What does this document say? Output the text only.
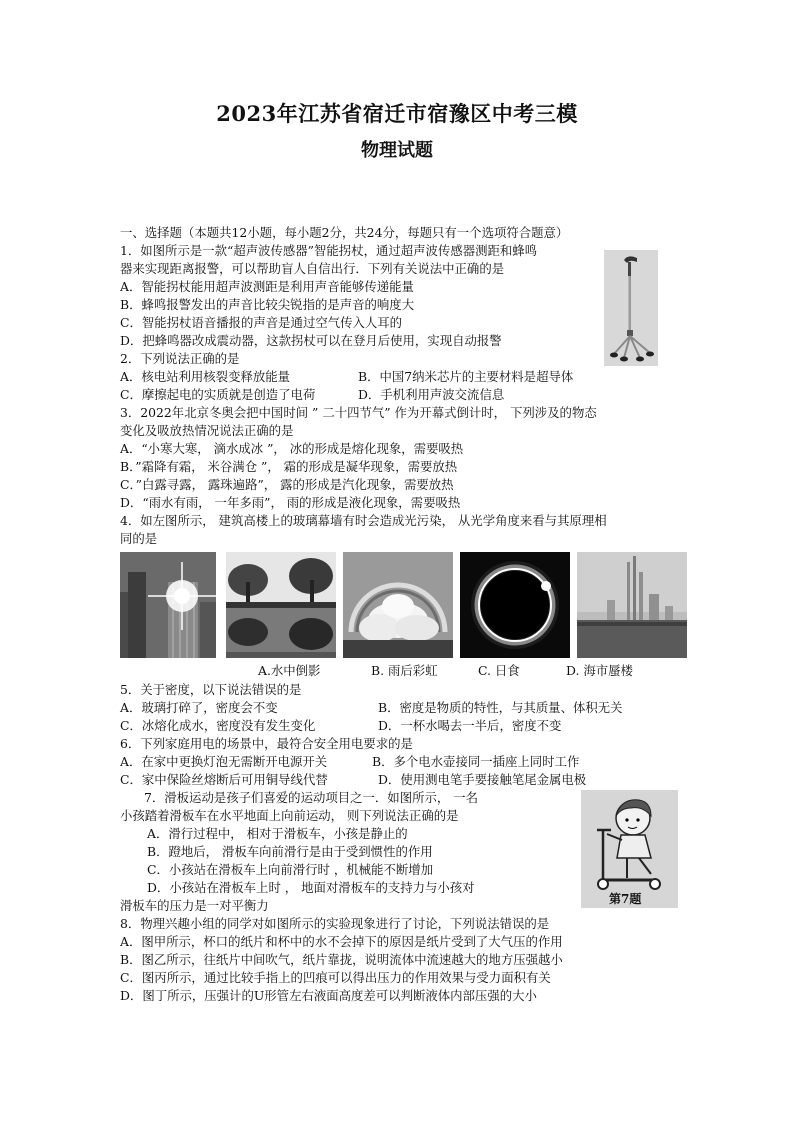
2023年江苏省宿迁市宿豫区中考三模
物理试题
一、选择题（本题共12小题，每小题2分，共24分，每题只有一个选项符合题意）
1．如图所示是一款“超声波传感器”智能拐杖，通过超声波传感器测距和蜂鸣
器来实现距离报警，可以帮助盲人自信出行．下列有关说法中正确的是
A．智能拐杖能用超声波测距是利用声音能够传递能量
B．蜂鸣报警发出的声音比较尖锐指的是声音的响度大
C．智能拐杖语音播报的声音是通过空气传入人耳的
D．把蜂鸣器改成震动器，这款拐杖可以在登月后使用，实现自动报警
2．下列说法正确的是
A．核电站利用核裂变释放能量	B．中国7纳米芯片的主要材料是超导体
C．摩擦起电的实质就是创造了电荷	D．手机利用声波交流信息
3．2022年北京冬奥会把中国时间 ” 二十四节气” 作为开幕式倒计时， 下列涉及的物态
变化及吸放热情况说法正确的是
A．“小寒大寒， 滴水成冰 ”， 冰的形成是熔化现象，需要吸热
B．”霜降有霜， 米谷满仓 ”， 霜的形成是凝华现象，需要放热
C．”白露寻露， 露珠遍路”， 露的形成是汽化现象，需要放热
D．“雨水有雨， 一年多雨”， 雨的形成是液化现象，需要吸热
4．如左图所示， 建筑高楼上的玻璃幕墙有时会造成光污染， 从光学角度来看与其原理相
同的是
A.水中倒影	B. 雨后彩虹	C. 日食	D. 海市蜃楼
5．关于密度，以下说法错误的是
A．玻璃打碎了，密度会不变	B．密度是物质的特性，与其质量、体积无关
C．冰熔化成水，密度没有发生变化	D．一杯水喝去一半后，密度不变
6．下列家庭用电的场景中，最符合安全用电要求的是
A．在家中更换灯泡无需断开电源开关	B．多个电水壶接同一插座上同时工作
C．家中保险丝熔断后可用铜导线代替	D．使用测电笔手要接触笔尾金属电极
7．滑板运动是孩子们喜爱的运动项目之一．如图所示， 一名
小孩踏着滑板车在水平地面上向前运动， 则下列说法正确的是
A．滑行过程中， 相对于滑板车，小孩是静止的
B．蹬地后， 滑板车向前滑行是由于受到惯性的作用
C．小孩站在滑板车上向前滑行时 ，机械能不断增加
D．小孩站在滑板车上时 ， 地面对滑板车的支持力与小孩对
滑板车的压力是一对平衡力	第7题
8．物理兴趣小组的同学对如图所示的实验现象进行了讨论，下列说法错误的是
A．图甲所示，杯口的纸片和杯中的水不会掉下的原因是纸片受到了大气压的作用
B．图乙所示，往纸片中间吹气，纸片靠拢，说明流体中流速越大的地方压强越小
C．图丙所示，通过比较手指上的凹痕可以得出压力的作用效果与受力面积有关
D．图丁所示，压强计的U形管左右液面高度差可以判断液体内部压强的大小
